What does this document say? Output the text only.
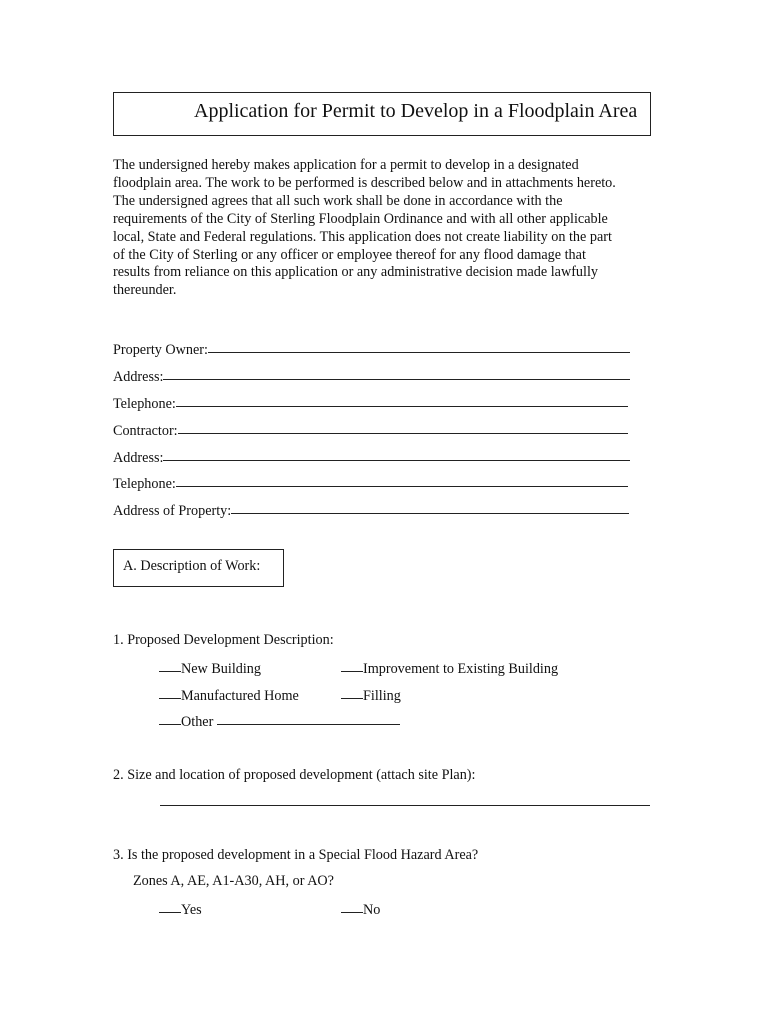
Application for Permit to Develop in a Floodplain Area
The undersigned hereby makes application for a permit to develop in a designated
floodplain area. The work to be performed is described below and in attachments hereto.
The undersigned agrees that all such work shall be done in accordance with the
requirements of the City of Sterling Floodplain Ordinance and with all other applicable
local, State and Federal regulations. This application does not create liability on the part
of the City of Sterling or any officer or employee thereof for any flood damage that
results from reliance on this application or any administrative decision made lawfully
thereunder.
Property Owner:
Address:
Telephone:
Contractor:
Address:
Telephone:
Address of Property:
A. Description of Work:
1. Proposed Development Description:
New Building	Improvement to Existing Building
Manufactured Home	Filling
Other
2. Size and location of proposed development (attach site Plan):
3. Is the proposed development in a Special Flood Hazard Area?
Zones A, AE, A1-A30, AH, or AO?
Yes	No
